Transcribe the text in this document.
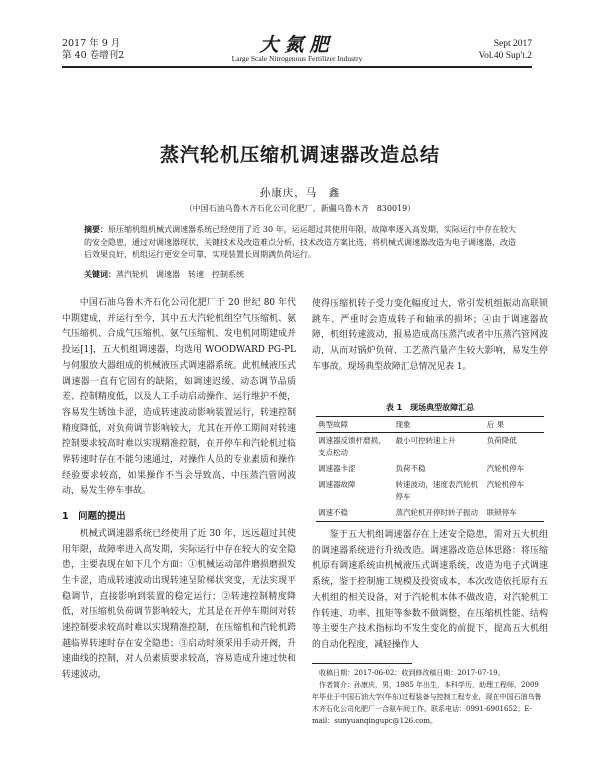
2017 年 9 月
第 40 卷增刊2	大氮肥
Large Scale Nitrogenous Fertilizer Industry
Sept 2017
Vol.40 Sup't.2
蒸汽轮机压缩机调速器改造总结
孙康庆，马　鑫
（中国石油乌鲁木齐石化公司化肥厂，新疆乌鲁木齐　830019）
摘要：原压缩机组机械式调速器系统已经使用了近 30 年，运运超过其使用年限，故障率逐入高发期，实际运行中存在较大的安全隐患，通过对调速器现状、关键技术及改造难点分析，技术改造方案比选，将机械式调速器改造为电子调速器，改造后效果良好，机组运行更安全可靠，实现装置长周期满负荷运行。
关键词：蒸汽轮机　调速器　转速　控制系统

中国石油乌鲁木齐石化公司化肥厂于 20 世纪 80 年代中期建成，并运行至今，其中五大汽轮机组空气压缩机、氨气压缩机、合成气压缩机、氨气压缩机、发电机同期建成并投运[1]，五大机组调速器，均选用 WOODWARD PG-PL 与伺服放大器组成的机械液压式调速器系统。此机械液压式调速器一直有它固有的缺陷，如调速迟缓、动态调节品质差、控制精度低，以及人工手动启动操作、运行维护不便，容易发生锈蚀卡涩，造成转速波动影响装置运行，转速控制精度降低，对负荷调节影响较大，尤其在开停工期间对转速控制要求较高时难以实现精准控制，在开停车和汽轮机过临界转速时存在不能匀速通过，对操作人员的专业素质和操作经验要求较高，如果操作不当会导致高、中压蒸汽管网波动，易发生停车事故。

1　问题的提出

机械式调速器系统已经使用了近 30 年，远远超过其使用年限，故障率进入高发期，实际运行中存在较大的安全隐患，主要表现在如下几个方面：①机械运动部件磨损磨损发生卡涩，造成转速波动出现转速呈阶梯状突变，无法实现平稳调节，直接影响到装置的稳定运行；②转速控制精度降低，对压缩机负荷调节影响较大，尤其是在开停车期间对转速控制要求较高时难以实现精准控制，在压缩机和汽轮机跨越临界转速时存在安全隐患；③启动时须采用手动开阀，升速曲线的控制，对人员素质要求较高，容易造成升速过快和转速波动，

使得压缩机转子受力变化幅度过大，常引发机组振动高联锁跳车、严重时会造成转子和轴承的损坏；④由于调速器故障，机组转速波动，报易造成高压蒸汽或者中压蒸汽管网波动，从而对锅炉负荷、工艺蒸汽量产生较大影响，易发生停车事故。现场典型故障汇总情况见表 1。

表 1　现场典型故障汇总
典型故障	现象	后 果
调速器反馈杆磨损、支点松动	最小可控转速上升	负荷降低
调速器卡涩	负荷不稳	汽轮机停车
调速器故障	转速波动，速度表汽轮机停车	汽轮机停车
调速不稳	蒸汽轮机开停时转子振动	联锁停车

鉴于五大机组调速器存在上述安全隐患，需对五大机组的调速器系统进行升级改造。调速器改造总体思路：将压缩机原有调速系统由机械液压式调速系统，改造为电子式调速系统，鉴于控制施工规模及投资成本，本次改造依托原有五大机组的相关设备，对于汽轮机本体不做改造，对汽轮机工作转速、功率、扭矩等参数不做调整，在压缩机性能、结构等主要生产技术指标均不发生变化的前提下，提高五大机组的自动化程度，减轻操作人

收稿日期：2017-06-02；收到修改稿日期：2017-07-19。

作者简介：孙康庆，男，1985 年出生，本科学历，助理工程师，2009 年毕业于中国石油大学(华东)过程装备与控制工程专业，现在中国石油乌鲁木齐石化公司化肥厂一合氨车间工作。联系电话：0991-6901652；E-mail：sunyuanqingupc@126.com。
